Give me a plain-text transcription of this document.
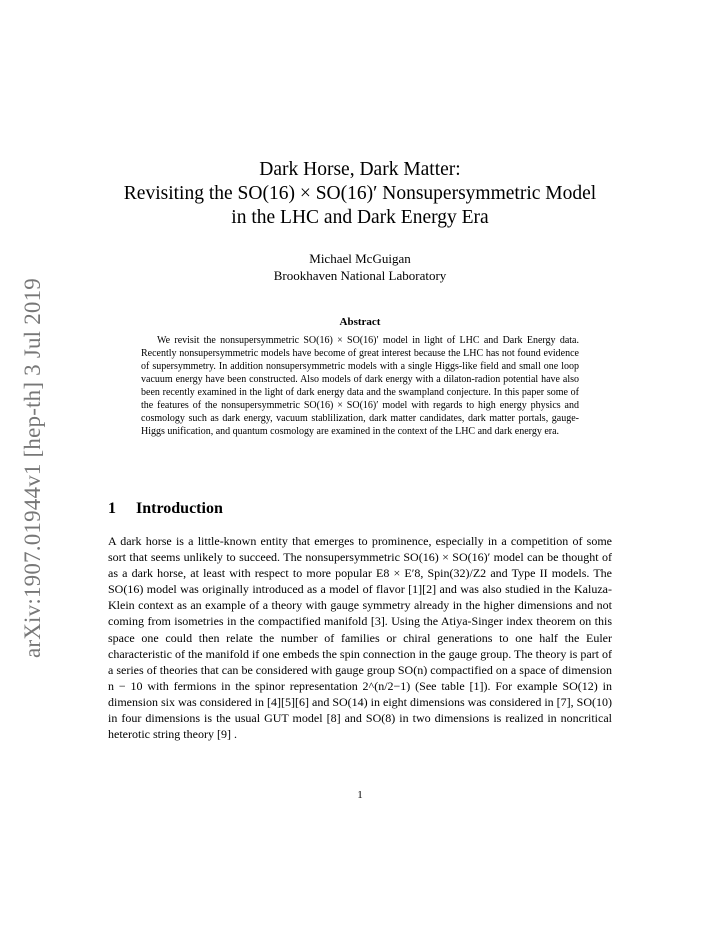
arXiv:1907.01944v1 [hep-th] 3 Jul 2019
Dark Horse, Dark Matter:
Revisiting the SO(16) × SO(16)′ Nonsupersymmetric Model
in the LHC and Dark Energy Era
Michael McGuigan
Brookhaven National Laboratory
Abstract

We revisit the nonsupersymmetric SO(16) × SO(16)′ model in light of LHC and Dark Energy data. Recently nonsupersymmetric models have become of great interest because the LHC has not found evidence of supersymmetry. In addition nonsupersymmetric models with a single Higgs-like field and small one loop vacuum energy have been constructed. Also models of dark energy with a dilaton-radion potential have also been recently examined in the light of dark energy data and the swampland conjecture. In this paper some of the features of the nonsupersymmetric SO(16) × SO(16)′ model with regards to high energy physics and cosmology such as dark energy, vacuum stablilization, dark matter candidates, dark matter portals, gauge-Higgs unification, and quantum cosmology are examined in the context of the LHC and dark energy era.

1 Introduction

A dark horse is a little-known entity that emerges to prominence, especially in a competition of some sort that seems unlikely to succeed. The nonsupersymmetric SO(16) × SO(16)′ model can be thought of as a dark horse, at least with respect to more popular E8 × E′8, Spin(32)/Z2 and Type II models. The SO(16) model was originally introduced as a model of flavor [1][2] and was also studied in the Kaluza-Klein context as an example of a theory with gauge symmetry already in the higher dimensions and not coming from isometries in the compactified manifold [3]. Using the Atiya-Singer index theorem on this space one could then relate the number of families or chiral generations to one half the Euler characteristic of the manifold if one embeds the spin connection in the gauge group. The theory is part of a series of theories that can be considered with gauge group SO(n) compactified on a space of dimension n − 10 with fermions in the spinor representation 2^(n/2−1) (See table [1]). For example SO(12) in dimension six was considered in [4][5][6] and SO(14) in eight dimensions was considered in [7], SO(10) in four dimensions is the usual GUT model [8] and SO(8) in two dimensions is realized in noncritical heterotic string theory [9] .

1
